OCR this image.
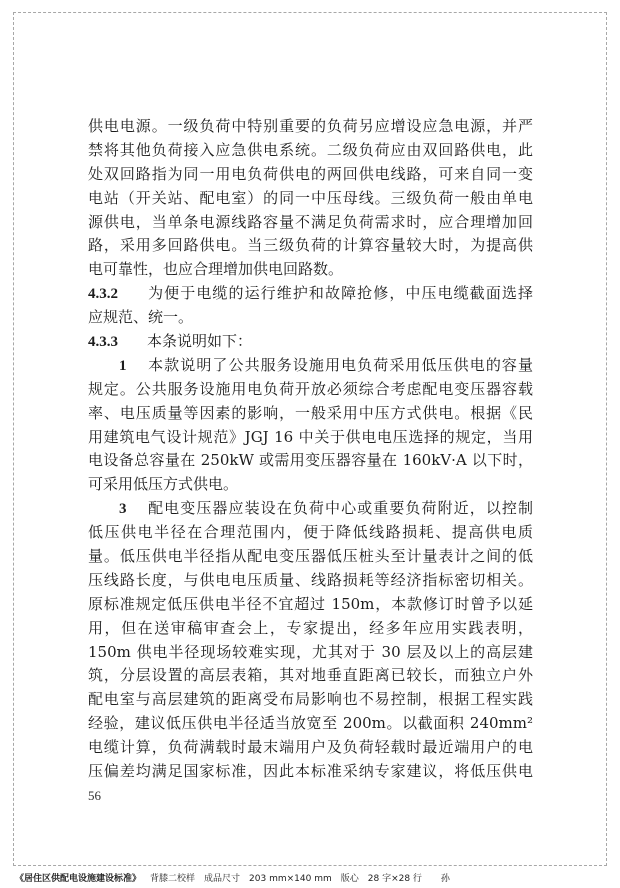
供电电源。一级负荷中特别重要的负荷另应增设应急电源，并严
禁将其他负荷接入应急供电系统。二级负荷应由双回路供电，此
处双回路指为同一用电负荷供电的两回供电线路，可来自同一变
电站（开关站、配电室）的同一中压母线。三级负荷一般由单电
源供电，当单条电源线路容量不满足负荷需求时，应合理增加回
路，采用多回路供电。当三级负荷的计算容量较大时，为提高供
电可靠性，也应合理增加供电回路数。
4.3.2 为便于电缆的运行维护和故障抢修，中压电缆截面选择
应规范、统一。
4.3.3 本条说明如下：
1 本款说明了公共服务设施用电负荷采用低压供电的容量
规定。公共服务设施用电负荷开放必须综合考虑配电变压器容载
率、电压质量等因素的影响，一般采用中压方式供电。根据《民
用建筑电气设计规范》JGJ 16 中关于供电电压选择的规定，当用
电设备总容量在 250kW 或需用变压器容量在 160kV·A 以下时，
可采用低压方式供电。
3 配电变压器应装设在负荷中心或重要负荷附近，以控制
低压供电半径在合理范围内，便于降低线路损耗、提高供电质
量。低压供电半径指从配电变压器低压桩头至计量表计之间的低
压线路长度，与供电电压质量、线路损耗等经济指标密切相关。
原标准规定低压供电半径不宜超过 150m，本款修订时曾予以延
用，但在送审稿审查会上，专家提出，经多年应用实践表明，
150m 供电半径现场较难实现，尤其对于 30 层及以上的高层建
筑，分层设置的高层表箱，其对地垂直距离已较长，而独立户外
配电室与高层建筑的距离受布局影响也不易控制，根据工程实践
经验，建议低压供电半径适当放宽至 200m。以截面积 240mm²
电缆计算，负荷满载时最末端用户及负荷轻载时最近端用户的电
压偏差均满足国家标准，因此本标准采纳专家建议，将低压供电
56
《居住区供配电设施建设标准》 背膝二校样 成品尺寸 203 mm×140 mm 版心 28 字×28 行 孙
